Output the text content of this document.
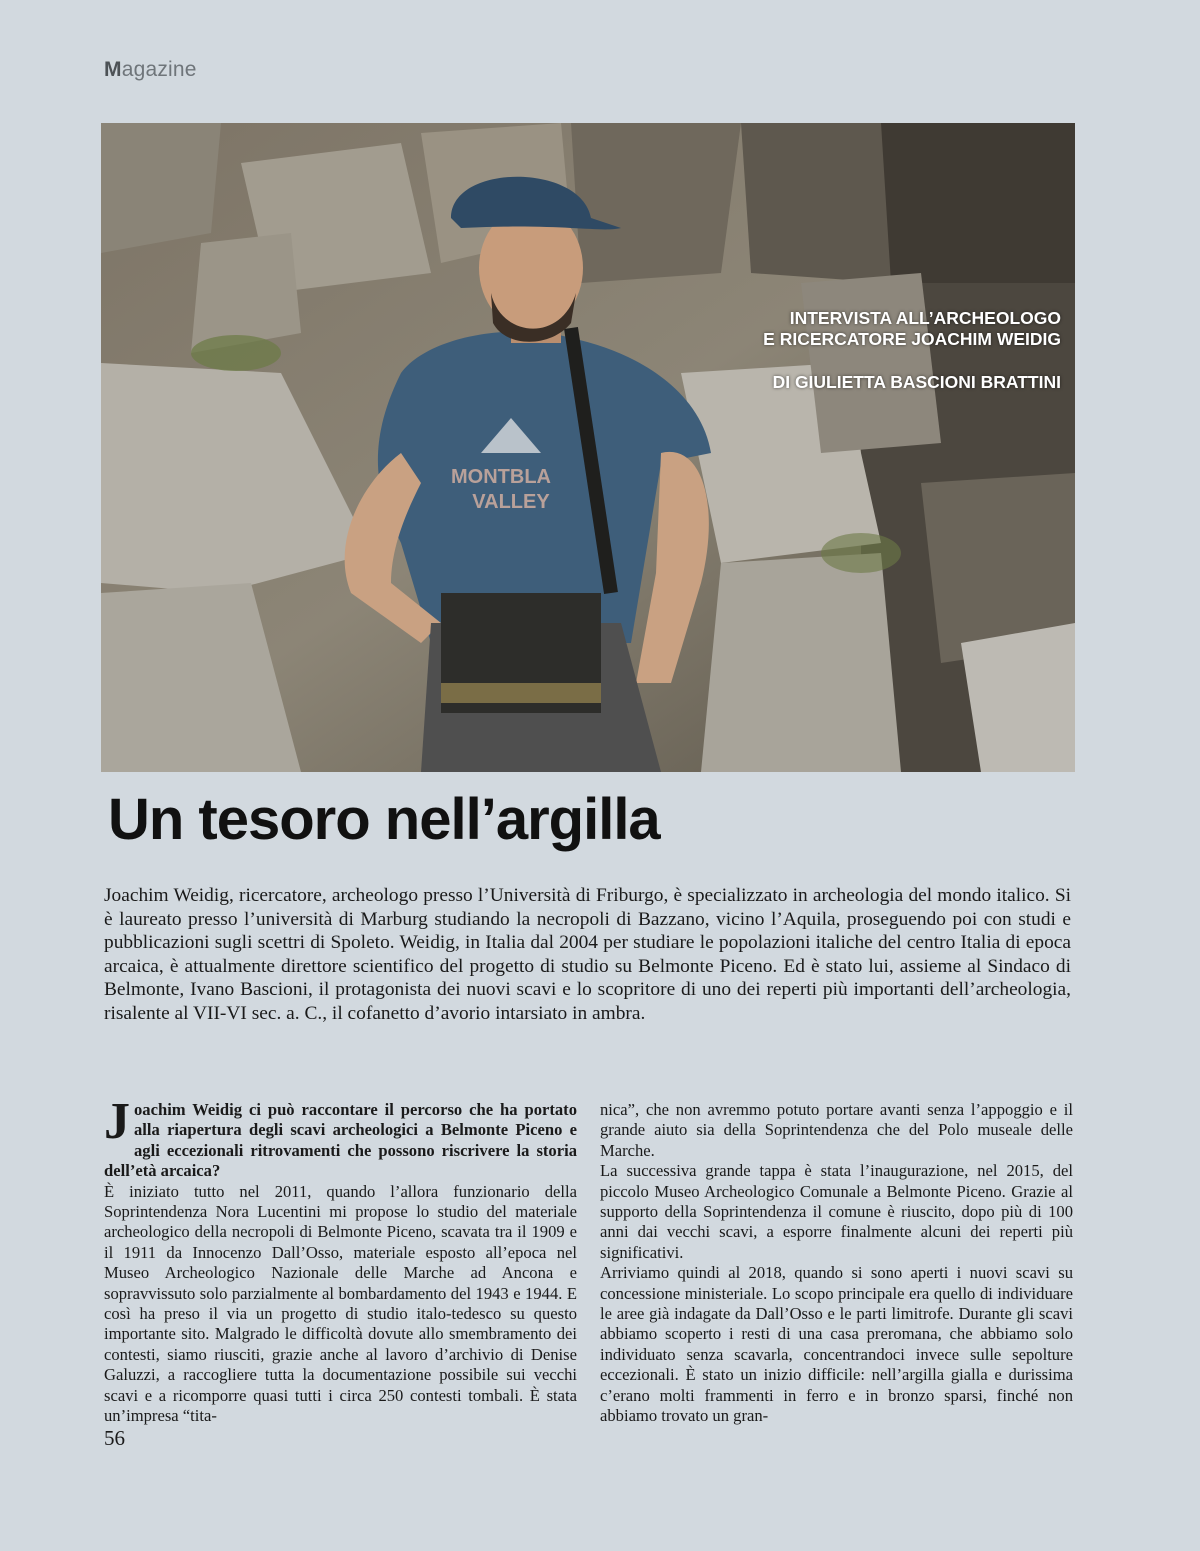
Magazine
MONTBLA
VALLEY
INTERVISTA ALL’ARCHEOLOGO
E RICERCATORE JOACHIM WEIDIG
DI GIULIETTA BASCIONI BRATTINI
Un tesoro nell’argilla

Joachim Weidig, ricercatore, archeologo presso l’Università di Friburgo, è specializzato in archeologia del mondo italico. Si è laureato presso l’università di Marburg studiando la necropoli di Bazzano, vicino l’Aquila, proseguendo poi con studi e pubblicazioni sugli scettri di Spoleto. Weidig, in Italia dal 2004 per studiare le popolazioni italiche del centro Italia di epoca arcaica, è attualmente direttore scientifico del progetto di studio su Belmonte Piceno. Ed è stato lui, assieme al Sindaco di Belmonte, Ivano Bascioni, il protagonista dei nuovi scavi e lo scopritore di uno dei reperti più importanti dell’archeologia, risalente al VII-VI sec. a. C., il cofanetto d’avorio intarsiato in ambra.

Joachim Weidig ci può raccontare il percorso che ha portato alla riapertura degli scavi archeologici a Belmonte Piceno e agli eccezionali ritrovamenti che possono riscrivere la storia dell’età arcaica?

È iniziato tutto nel 2011, quando l’allora funzionario della Soprintendenza Nora Lucentini mi propose lo studio del materiale archeologico della necropoli di Belmonte Piceno, scavata tra il 1909 e il 1911 da Innocenzo Dall’Osso, materiale esposto all’epoca nel Museo Archeologico Nazionale delle Marche ad Ancona e sopravvissuto solo parzialmente al bombardamento del 1943 e 1944. E così ha preso il via un progetto di studio italo-tedesco su questo importante sito. Malgrado le difficoltà dovute allo smembramento dei contesti, siamo riusciti, grazie anche al lavoro d’archivio di Denise Galuzzi, a raccogliere tutta la documentazione possibile sui vecchi scavi e a ricomporre quasi tutti i circa 250 contesti tombali. È stata un’impresa “tita-

nica”, che non avremmo potuto portare avanti senza l’appoggio e il grande aiuto sia della Soprintendenza che del Polo museale delle Marche.

La successiva grande tappa è stata l’inaugurazione, nel 2015, del piccolo Museo Archeologico Comunale a Belmonte Piceno. Grazie al supporto della Soprintendenza il comune è riuscito, dopo più di 100 anni dai vecchi scavi, a esporre finalmente alcuni dei reperti più significativi.

Arriviamo quindi al 2018, quando si sono aperti i nuovi scavi su concessione ministeriale. Lo scopo principale era quello di individuare le aree già indagate da Dall’Osso e le parti limitrofe. Durante gli scavi abbiamo scoperto i resti di una casa preromana, che abbiamo solo individuato senza scavarla, concentrandoci invece sulle sepolture eccezionali. È stato un inizio difficile: nell’argilla gialla e durissima c’erano molti frammenti in ferro e in bronzo sparsi, finché non abbiamo trovato un gran-

56
